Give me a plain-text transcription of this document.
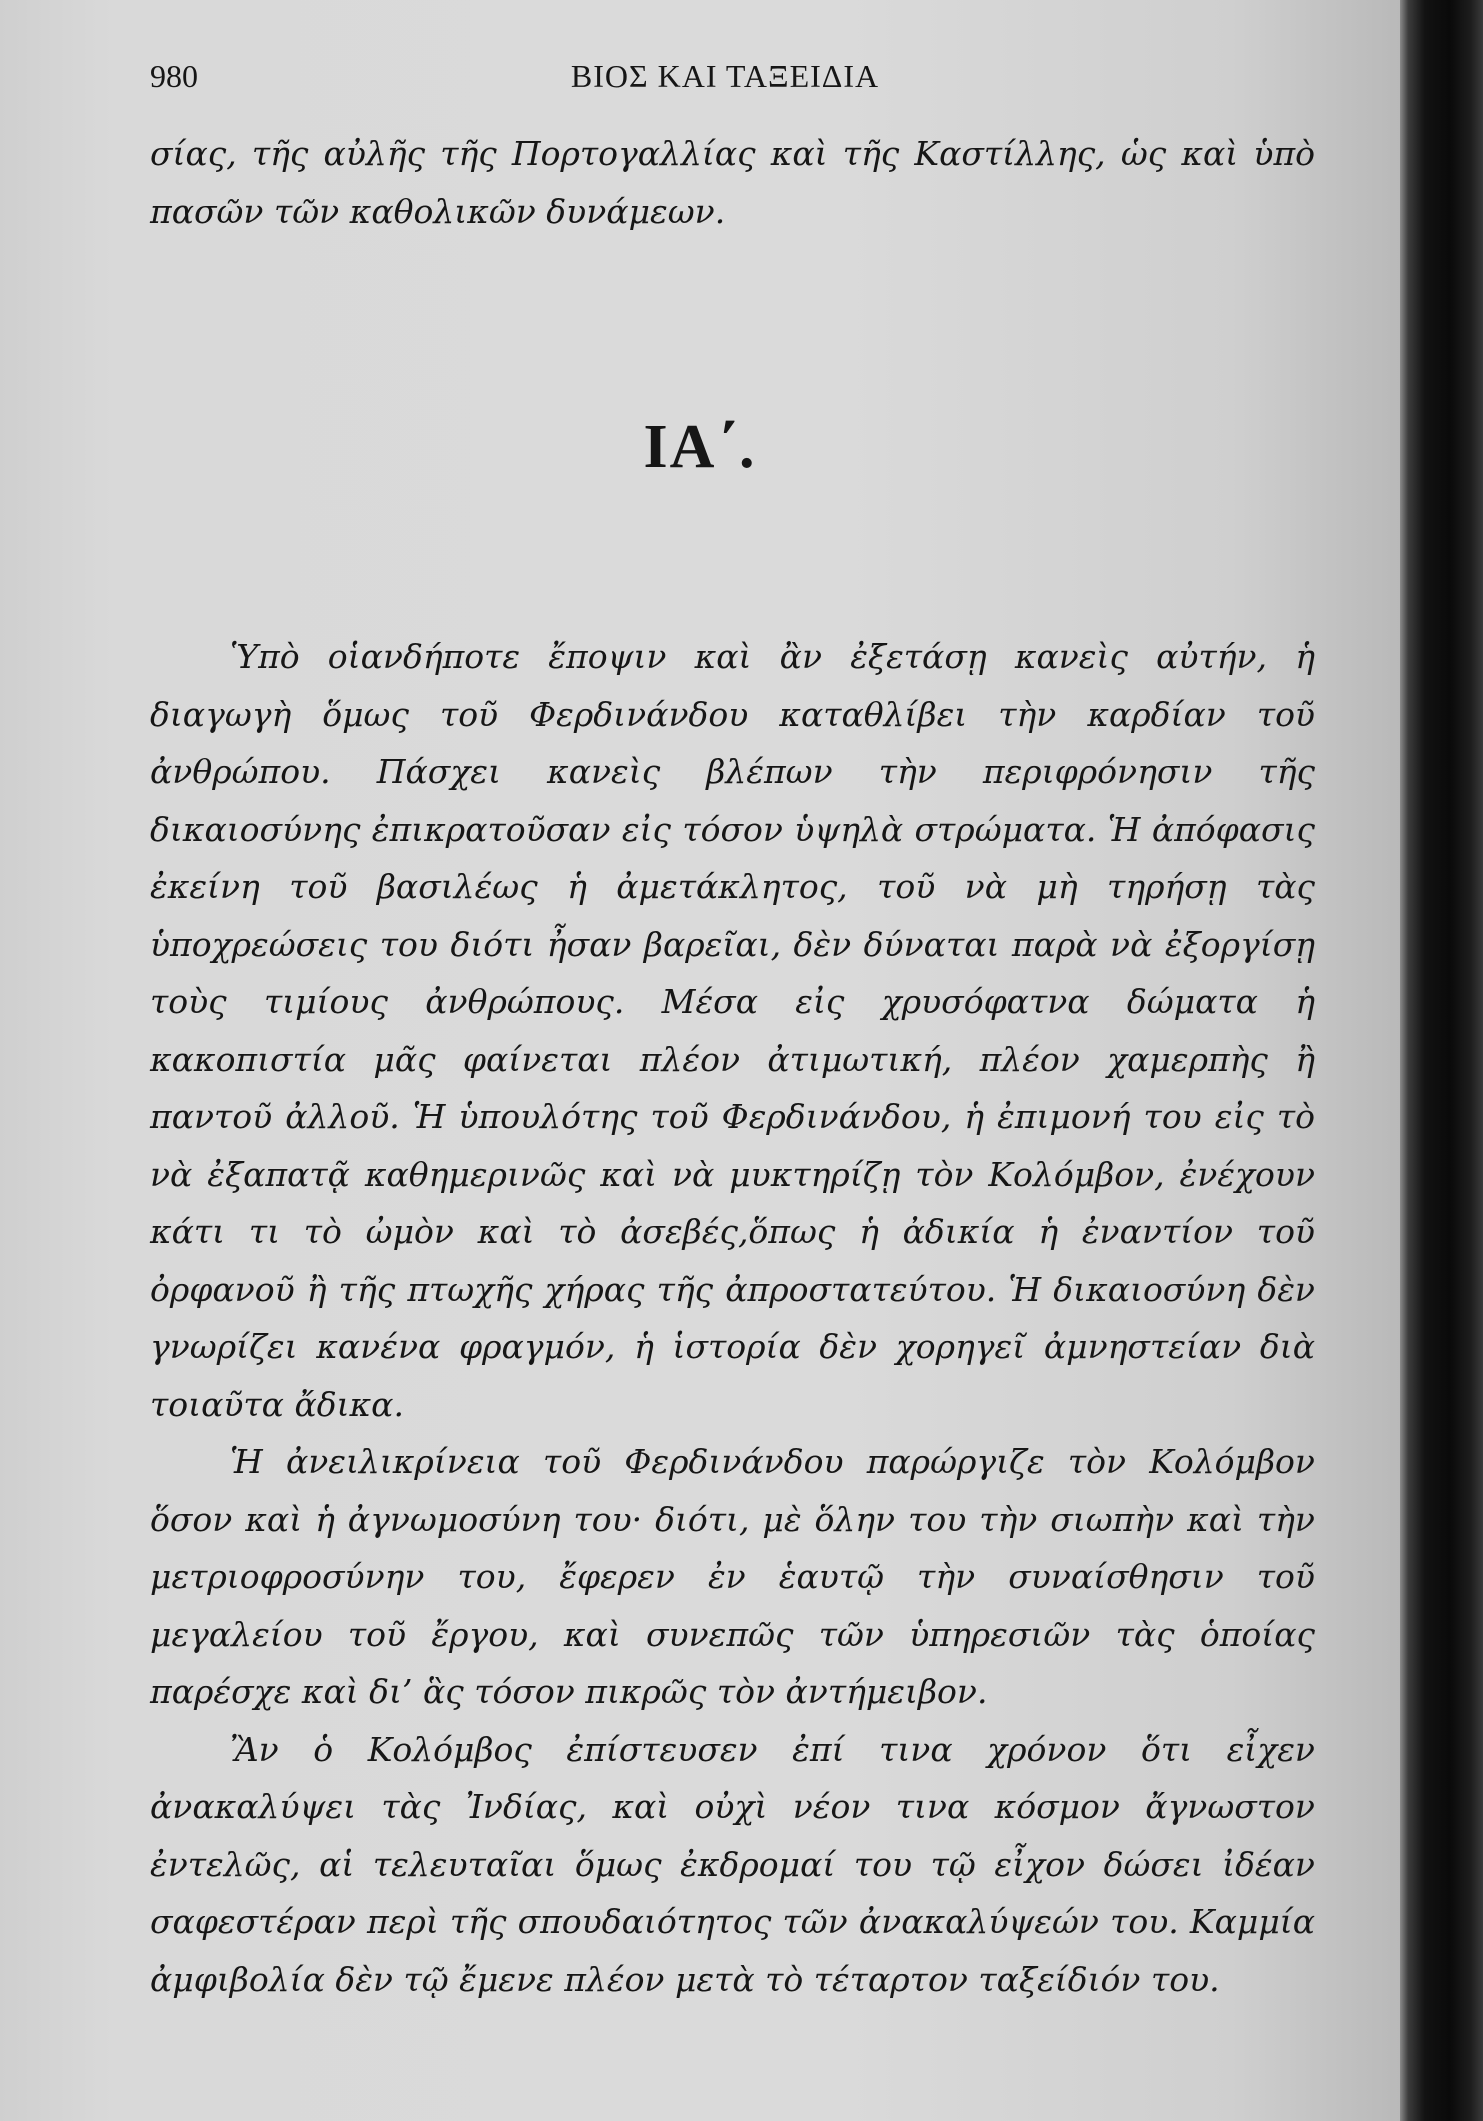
980	ΒΙΟΣ ΚΑΙ ΤΑΞΕΙΔΙΑ

σίας, τῆς αὐλῆς τῆς Πορτογαλλίας καὶ τῆς Καστίλλης, ὡς καὶ ὑπὸ πασῶν τῶν καθολικῶν δυνάμεων.

ΙΑ΄.

Ὑπὸ οἱανδήποτε ἔποψιν καὶ ἂν ἐξετάσῃ κανεὶς αὐτήν, ἡ διαγωγὴ ὅμως τοῦ Φερδινάνδου καταθλίβει τὴν καρδίαν τοῦ ἀνθρώπου. Πάσχει κανεὶς βλέπων τὴν περιφρόνησιν τῆς δικαιοσύνης ἐπικρατοῦσαν εἰς τόσον ὑψηλὰ στρώματα. Ἡ ἀπόφασις ἐκείνη τοῦ βασιλέως ἡ ἀμετάκλητος, τοῦ νὰ μὴ τηρήσῃ τὰς ὑποχρεώσεις του διότι ἦσαν βαρεῖαι, δὲν δύναται παρὰ νὰ ἐξοργίσῃ τοὺς τιμίους ἀνθρώπους. Μέσα εἰς χρυσόφατνα δώματα ἡ κακοπιστία μᾶς φαίνεται πλέον ἀτιμωτική, πλέον χαμερπὴς ἢ παντοῦ ἀλλοῦ. Ἡ ὑπουλότης τοῦ Φερδινάνδου, ἡ ἐπιμονή του εἰς τὸ νὰ ἐξαπατᾷ καθημερινῶς καὶ νὰ μυκτηρίζῃ τὸν Κολόμβον, ἐνέχουν κάτι τι τὸ ὠμὸν καὶ τὸ ἀσεβές,ὅπως ἡ ἀδικία ἡ ἐναντίον τοῦ ὀρφανοῦ ἢ τῆς πτωχῆς χήρας τῆς ἀπροστατεύτου. Ἡ δικαιοσύνη δὲν γνωρίζει κανένα φραγμόν, ἡ ἱστορία δὲν χορηγεῖ ἀμνηστείαν διὰ τοιαῦτα ἄδικα.

Ἡ ἀνειλικρίνεια τοῦ Φερδινάνδου παρώργιζε τὸν Κολόμβον ὅσον καὶ ἡ ἀγνωμοσύνη του· διότι, μὲ ὅλην του τὴν σιωπὴν καὶ τὴν μετριοφροσύνην του, ἔφερεν ἐν ἑαυτῷ τὴν συναίσθησιν τοῦ μεγαλείου τοῦ ἔργου, καὶ συνεπῶς τῶν ὑπηρεσιῶν τὰς ὁποίας παρέσχε καὶ δι’ ἃς τόσον πικρῶς τὸν ἀντήμειβον.

Ἂν ὁ Κολόμβος ἐπίστευσεν ἐπί τινα χρόνον ὅτι εἶχεν ἀνακαλύψει τὰς Ἰνδίας, καὶ οὐχὶ νέον τινα κόσμον ἄγνωστον ἐντελῶς, αἱ τελευταῖαι ὅμως ἐκδρομαί του τῷ εἶχον δώσει ἰδέαν σαφεστέραν περὶ τῆς σπουδαιότητος τῶν ἀνακαλύψεών του. Καμμία ἀμφιβολία δὲν τῷ ἔμενε πλέον μετὰ τὸ τέταρτον ταξείδιόν του.
